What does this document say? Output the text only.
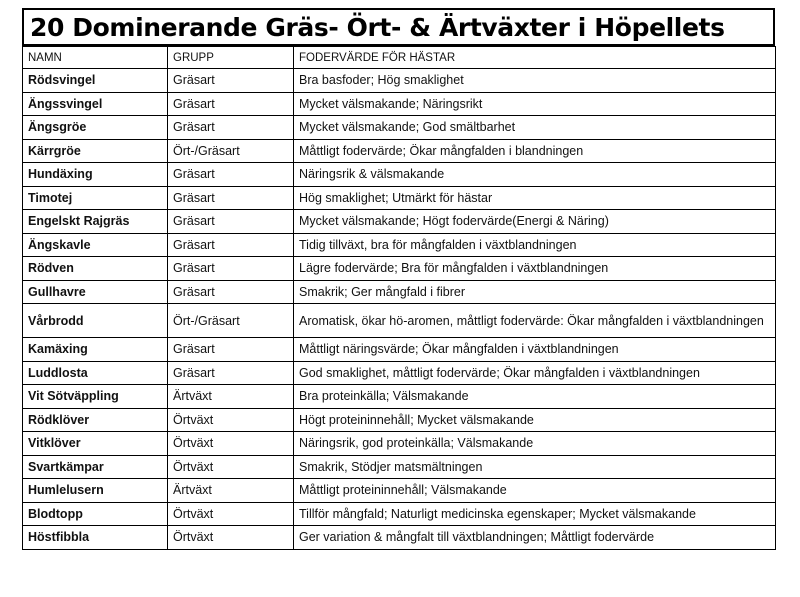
20 Dominerande Gräs- Ört- & Ärtväxter i Höpellets
NAMN	GRUPP	FODERVÄRDE FÖR HÄSTAR
Rödsvingel	Gräsart	Bra basfoder; Hög smaklighet
Ängssvingel	Gräsart	Mycket välsmakande; Näringsrikt
Ängsgröe	Gräsart	Mycket välsmakande; God smältbarhet
Kärrgröe	Ört-/Gräsart	Måttligt fodervärde; Ökar mångfalden i blandningen
Hundäxing	Gräsart	Näringsrik & välsmakande
Timotej	Gräsart	Hög smaklighet; Utmärkt för hästar
Engelskt Rajgräs	Gräsart	Mycket välsmakande; Högt fodervärde(Energi & Näring)
Ängskavle	Gräsart	Tidig tillväxt, bra för mångfalden i växtblandningen
Rödven	Gräsart	Lägre fodervärde; Bra för mångfalden i växtblandningen
Gullhavre	Gräsart	Smakrik; Ger mångfald i fibrer
Vårbrodd	Ört-/Gräsart	Aromatisk, ökar hö-aromen, måttligt fodervärde: Ökar mångfalden i växtblandningen
Kamäxing	Gräsart	Måttligt näringsvärde; Ökar mångfalden i växtblandningen
Luddlosta	Gräsart	God smaklighet, måttligt fodervärde; Ökar mångfalden i växtblandningen
Vit Sötväppling	Ärtväxt	Bra proteinkälla; Välsmakande
Rödklöver	Örtväxt	Högt proteininnehåll; Mycket välsmakande
Vitklöver	Örtväxt	Näringsrik, god proteinkälla; Välsmakande
Svartkämpar	Örtväxt	Smakrik, Stödjer matsmältningen
Humlelusern	Ärtväxt	Måttligt proteininnehåll; Välsmakande
Blodtopp	Örtväxt	Tillför mångfald; Naturligt medicinska egenskaper; Mycket välsmakande
Höstfibbla	Örtväxt	Ger variation & mångfalt till växtblandningen; Måttligt fodervärde
